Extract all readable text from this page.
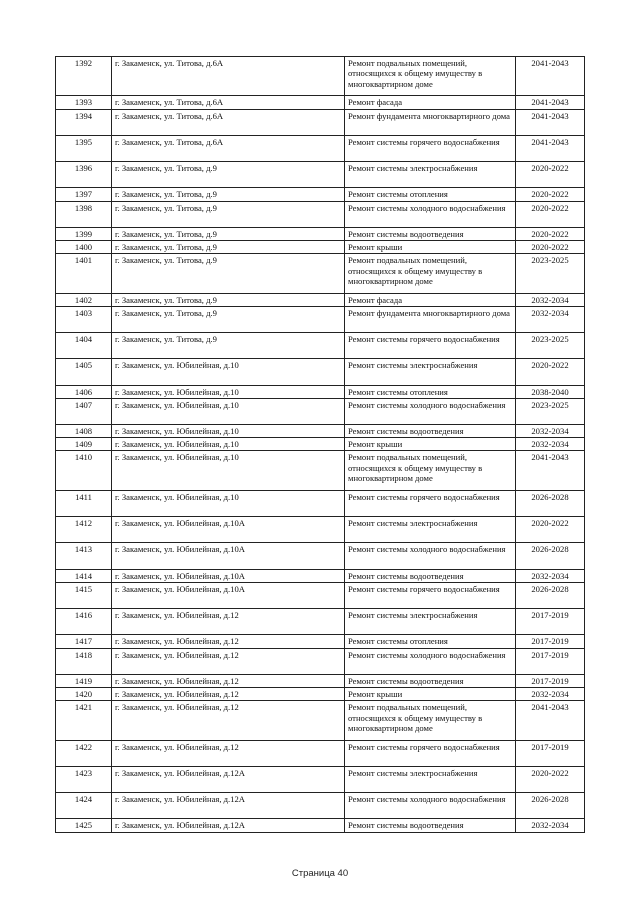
1392	г. Закаменск, ул. Титова, д.6А	Ремонт подвальных помещений, относящихся к общему имуществу в многоквартирном доме	2041-2043
1393	г. Закаменск, ул. Титова, д.6А	Ремонт фасада	2041-2043
1394	г. Закаменск, ул. Титова, д.6А	Ремонт фундамента многоквартирного дома	2041-2043
1395	г. Закаменск, ул. Титова, д.6А	Ремонт системы горячего водоснабжения	2041-2043
1396	г. Закаменск, ул. Титова, д.9	Ремонт системы электроснабжения	2020-2022
1397	г. Закаменск, ул. Титова, д.9	Ремонт системы отопления	2020-2022
1398	г. Закаменск, ул. Титова, д.9	Ремонт системы холодного водоснабжения	2020-2022
1399	г. Закаменск, ул. Титова, д.9	Ремонт системы водоотведения	2020-2022
1400	г. Закаменск, ул. Титова, д.9	Ремонт крыши	2020-2022
1401	г. Закаменск, ул. Титова, д.9	Ремонт подвальных помещений, относящихся к общему имуществу в многоквартирном доме	2023-2025
1402	г. Закаменск, ул. Титова, д.9	Ремонт фасада	2032-2034
1403	г. Закаменск, ул. Титова, д.9	Ремонт фундамента многоквартирного дома	2032-2034
1404	г. Закаменск, ул. Титова, д.9	Ремонт системы горячего водоснабжения	2023-2025
1405	г. Закаменск, ул. Юбилейная, д.10	Ремонт системы электроснабжения	2020-2022
1406	г. Закаменск, ул. Юбилейная, д.10	Ремонт системы отопления	2038-2040
1407	г. Закаменск, ул. Юбилейная, д.10	Ремонт системы холодного водоснабжения	2023-2025
1408	г. Закаменск, ул. Юбилейная, д.10	Ремонт системы водоотведения	2032-2034
1409	г. Закаменск, ул. Юбилейная, д.10	Ремонт крыши	2032-2034
1410	г. Закаменск, ул. Юбилейная, д.10	Ремонт подвальных помещений, относящихся к общему имуществу в многоквартирном доме	2041-2043
1411	г. Закаменск, ул. Юбилейная, д.10	Ремонт системы горячего водоснабжения	2026-2028
1412	г. Закаменск, ул. Юбилейная, д.10А	Ремонт системы электроснабжения	2020-2022
1413	г. Закаменск, ул. Юбилейная, д.10А	Ремонт системы холодного водоснабжения	2026-2028
1414	г. Закаменск, ул. Юбилейная, д.10А	Ремонт системы водоотведения	2032-2034
1415	г. Закаменск, ул. Юбилейная, д.10А	Ремонт системы горячего водоснабжения	2026-2028
1416	г. Закаменск, ул. Юбилейная, д.12	Ремонт системы электроснабжения	2017-2019
1417	г. Закаменск, ул. Юбилейная, д.12	Ремонт системы отопления	2017-2019
1418	г. Закаменск, ул. Юбилейная, д.12	Ремонт системы холодного водоснабжения	2017-2019
1419	г. Закаменск, ул. Юбилейная, д.12	Ремонт системы водоотведения	2017-2019
1420	г. Закаменск, ул. Юбилейная, д.12	Ремонт крыши	2032-2034
1421	г. Закаменск, ул. Юбилейная, д.12	Ремонт подвальных помещений, относящихся к общему имуществу в многоквартирном доме	2041-2043
1422	г. Закаменск, ул. Юбилейная, д.12	Ремонт системы горячего водоснабжения	2017-2019
1423	г. Закаменск, ул. Юбилейная, д.12А	Ремонт системы электроснабжения	2020-2022
1424	г. Закаменск, ул. Юбилейная, д.12А	Ремонт системы холодного водоснабжения	2026-2028
1425	г. Закаменск, ул. Юбилейная, д.12А	Ремонт системы водоотведения	2032-2034
Страница 40
